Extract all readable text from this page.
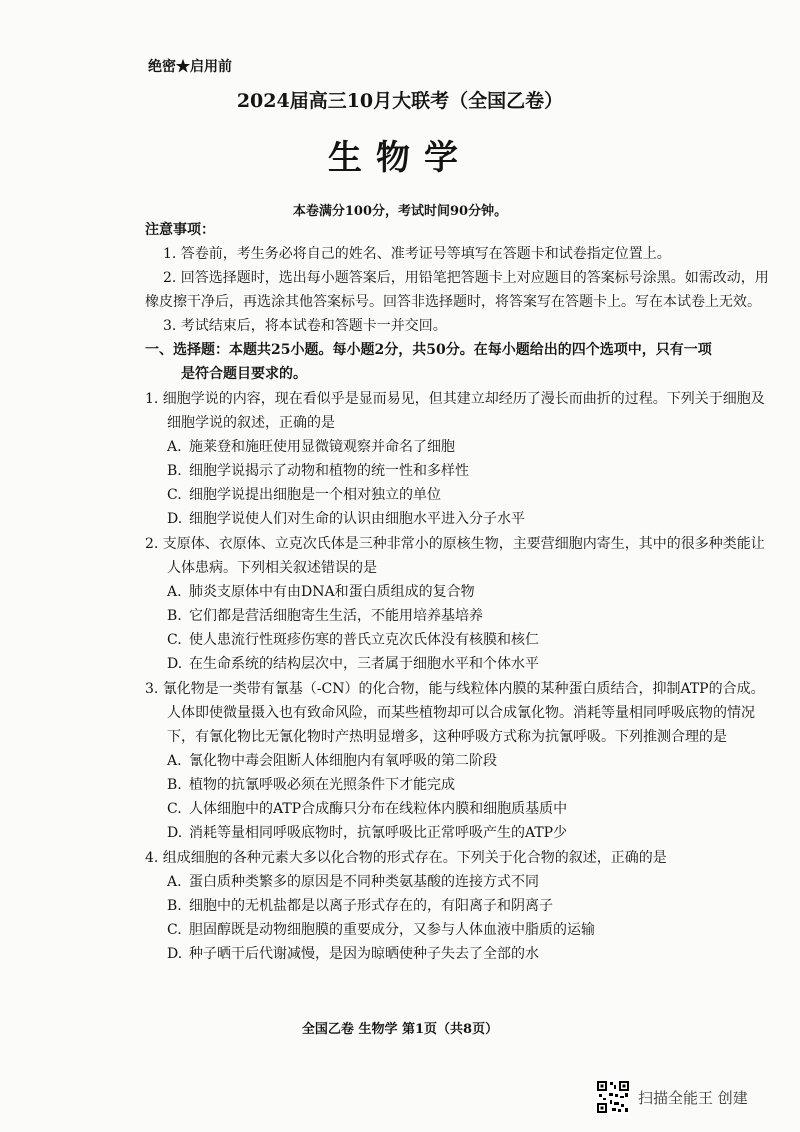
绝密★启用前
2024届高三10月大联考（全国乙卷）
生物学
本卷满分100分，考试时间90分钟。
注意事项：

1. 答卷前，考生务必将自己的姓名、准考证号等填写在答题卡和试卷指定位置上。

2. 回答选择题时，选出每小题答案后，用铅笔把答题卡上对应题目的答案标号涂黑。如需改动，用橡皮擦干净后，再选涂其他答案标号。回答非选择题时，将答案写在答题卡上。写在本试卷上无效。

3. 考试结束后，将本试卷和答题卡一并交回。

一、选择题：本题共25小题。每小题2分，共50分。在每小题给出的四个选项中，只有一项
是符合题目要求的。
1. 细胞学说的内容，现在看似乎是显而易见，但其建立却经历了漫长而曲折的过程。下列关于细胞及细胞学说的叙述，正确的是
A. 施莱登和施旺使用显微镜观察并命名了细胞
B. 细胞学说揭示了动物和植物的统一性和多样性
C. 细胞学说提出细胞是一个相对独立的单位
D. 细胞学说使人们对生命的认识由细胞水平进入分子水平
2. 支原体、衣原体、立克次氏体是三种非常小的原核生物，主要营细胞内寄生，其中的很多种类能让人体患病。下列相关叙述错误的是
A. 肺炎支原体中有由DNA和蛋白质组成的复合物
B. 它们都是营活细胞寄生生活，不能用培养基培养
C. 使人患流行性斑疹伤寒的普氏立克次氏体没有核膜和核仁
D. 在生命系统的结构层次中，三者属于细胞水平和个体水平
3. 氰化物是一类带有氰基（-CN）的化合物，能与线粒体内膜的某种蛋白质结合，抑制ATP的合成。人体即使微量摄入也有致命风险，而某些植物却可以合成氰化物。消耗等量相同呼吸底物的情况下，有氰化物比无氰化物时产热明显增多，这种呼吸方式称为抗氰呼吸。下列推测合理的是
A. 氰化物中毒会阻断人体细胞内有氧呼吸的第二阶段
B. 植物的抗氰呼吸必须在光照条件下才能完成
C. 人体细胞中的ATP合成酶只分布在线粒体内膜和细胞质基质中
D. 消耗等量相同呼吸底物时，抗氰呼吸比正常呼吸产生的ATP少
4. 组成细胞的各种元素大多以化合物的形式存在。下列关于化合物的叙述，正确的是
A. 蛋白质种类繁多的原因是不同种类氨基酸的连接方式不同
B. 细胞中的无机盐都是以离子形式存在的，有阳离子和阴离子
C. 胆固醇既是动物细胞膜的重要成分，又参与人体血液中脂质的运输
D. 种子晒干后代谢减慢，是因为晾晒使种子失去了全部的水
全国乙卷 生物学 第1页（共8页）
扫描全能王 创建
